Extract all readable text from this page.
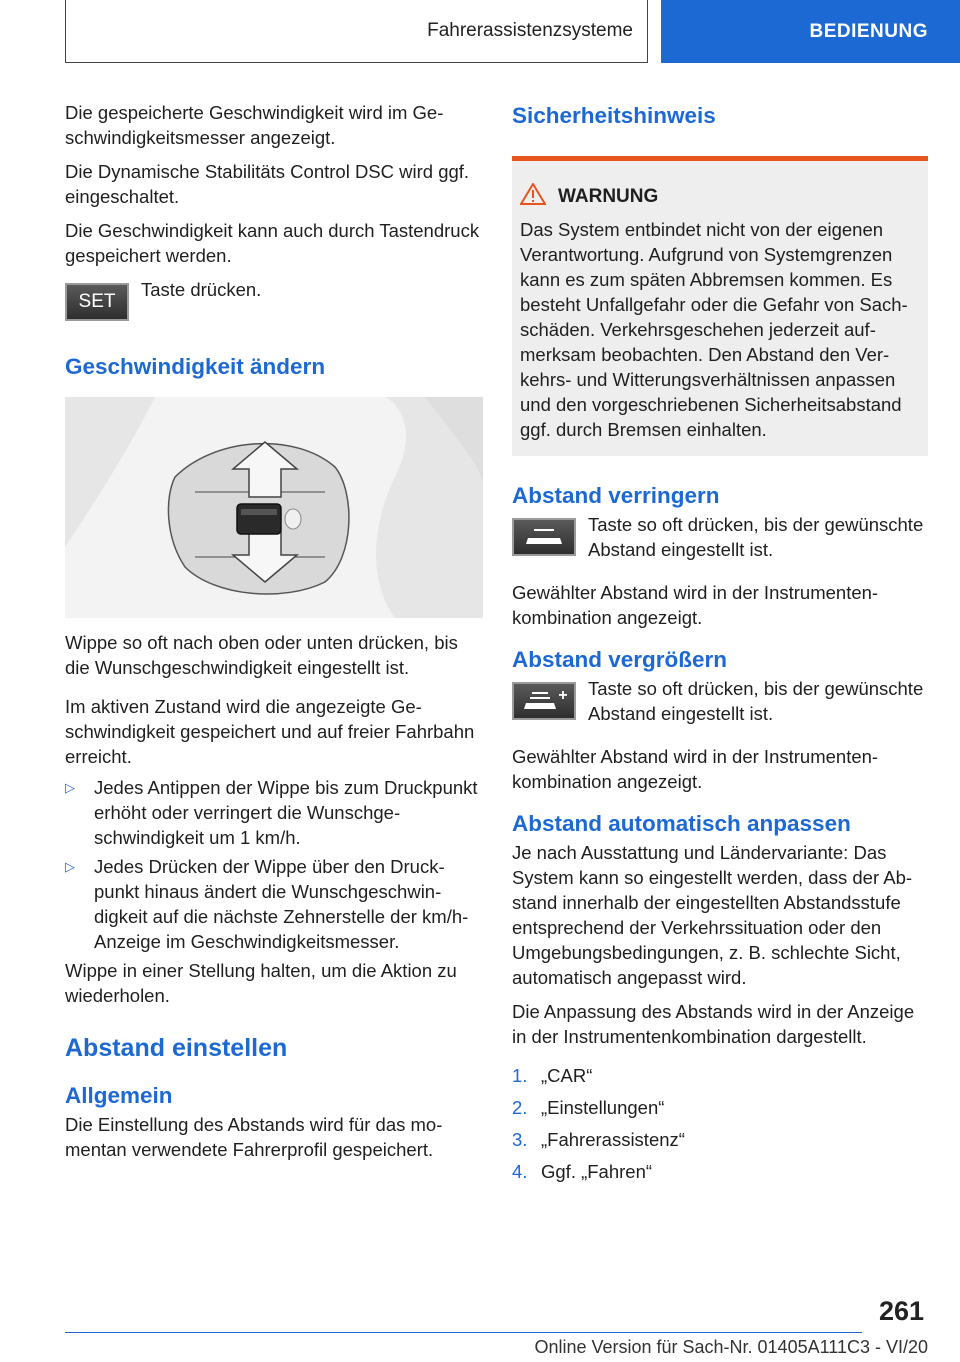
Fahrerassistenzsysteme	BEDIENUNG

Die gespeicherte Geschwindigkeit wird im Geschwindigkeitsmesser angezeigt.

Die Dynamische Stabilitäts Control DSC wird ggf. eingeschaltet.

Die Geschwindigkeit kann auch durch Tastendruck gespeichert werden.

SET

Taste drücken.

Geschwindigkeit ändern

Wippe so oft nach oben oder unten drücken, bis die Wunschgeschwindigkeit eingestellt ist.

Im aktiven Zustand wird die angezeigte Geschwindigkeit gespeichert und auf freier Fahrbahn erreicht.

▷	Jedes Antippen der Wippe bis zum Druckpunkt erhöht oder verringert die Wunschgeschwindigkeit um 1 km/h.

▷	Jedes Drücken der Wippe über den Druckpunkt hinaus ändert die Wunschgeschwindigkeit auf die nächste Zehnerstelle der km/h-Anzeige im Geschwindigkeitsmesser.

Wippe in einer Stellung halten, um die Aktion zu wiederholen.

Abstand einstellen

Allgemein

Die Einstellung des Abstands wird für das momentan verwendete Fahrerprofil gespeichert.

Sicherheitshinweis

WARNUNG

Das System entbindet nicht von der eigenen Verantwortung. Aufgrund von Systemgrenzen kann es zum späten Abbremsen kommen. Es besteht Unfallgefahr oder die Gefahr von Sachschäden. Verkehrsgeschehen jederzeit aufmerksam beobachten. Den Abstand den Verkehrs- und Witterungsverhältnissen anpassen und den vorgeschriebenen Sicherheitsabstand ggf. durch Bremsen einhalten.

Abstand verringern

Taste so oft drücken, bis der gewünschte Abstand eingestellt ist.

Gewählter Abstand wird in der Instrumentenkombination angezeigt.

Abstand vergrößern

Taste so oft drücken, bis der gewünschte Abstand eingestellt ist.

Gewählter Abstand wird in der Instrumentenkombination angezeigt.

Abstand automatisch anpassen

Je nach Ausstattung und Ländervariante: Das System kann so eingestellt werden, dass der Abstand innerhalb der eingestellten Abstandsstufe entsprechend der Verkehrssituation oder den Umgebungsbedingungen, z. B. schlechte Sicht, automatisch angepasst wird.

Die Anpassung des Abstands wird in der Anzeige in der Instrumentenkombination dargestellt.

1. „CAR“

2. „Einstellungen“

3. „Fahrerassistenz“

4. Ggf. „Fahren“

261
Online Version für Sach-Nr. 01405A111C3 - VI/20
